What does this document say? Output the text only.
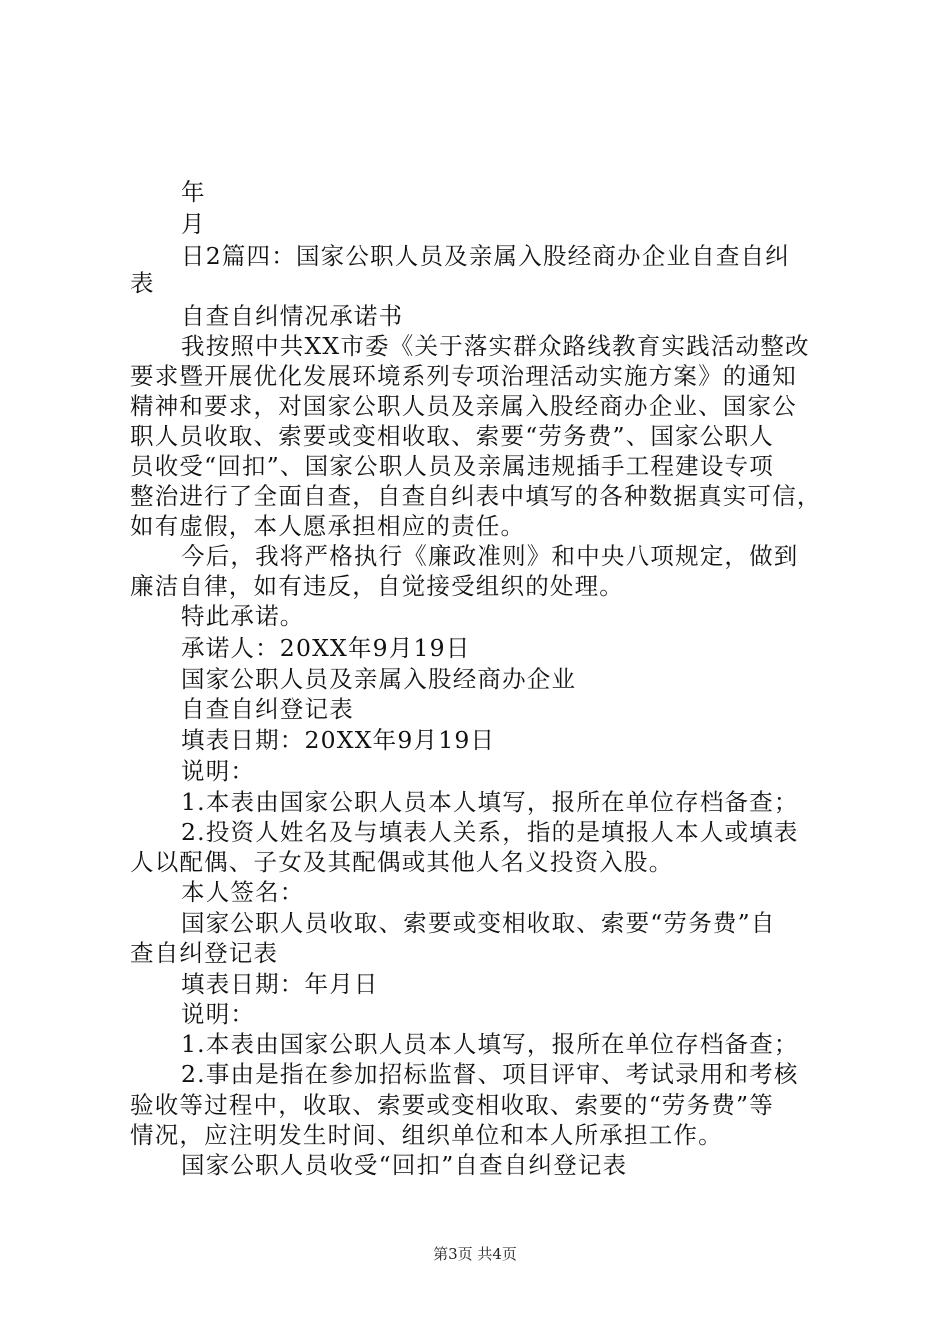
年
月
日2篇四：国家公职人员及亲属入股经商办企业自查自纠
表
自查自纠情况承诺书
我按照中共XX市委《关于落实群众路线教育实践活动整改
要求暨开展优化发展环境系列专项治理活动实施方案》的通知
精神和要求，对国家公职人员及亲属入股经商办企业、国家公
职人员收取、索要或变相收取、索要“劳务费”、国家公职人
员收受“回扣”、国家公职人员及亲属违规插手工程建设专项
整治进行了全面自查，自查自纠表中填写的各种数据真实可信，
如有虚假，本人愿承担相应的责任。
今后，我将严格执行《廉政准则》和中央八项规定，做到
廉洁自律，如有违反，自觉接受组织的处理。
特此承诺。
承诺人：20XX年9月19日
国家公职人员及亲属入股经商办企业
自查自纠登记表
填表日期：20XX年9月19日
说明：
1.本表由国家公职人员本人填写，报所在单位存档备查；
2.投资人姓名及与填表人关系，指的是填报人本人或填表
人以配偶、子女及其配偶或其他人名义投资入股。
本人签名：
国家公职人员收取、索要或变相收取、索要“劳务费”自
查自纠登记表
填表日期：年月日
说明：
1.本表由国家公职人员本人填写，报所在单位存档备查；
2.事由是指在参加招标监督、项目评审、考试录用和考核
验收等过程中，收取、索要或变相收取、索要的“劳务费”等
情况，应注明发生时间、组织单位和本人所承担工作。
国家公职人员收受“回扣”自查自纠登记表
第3页 共4页
